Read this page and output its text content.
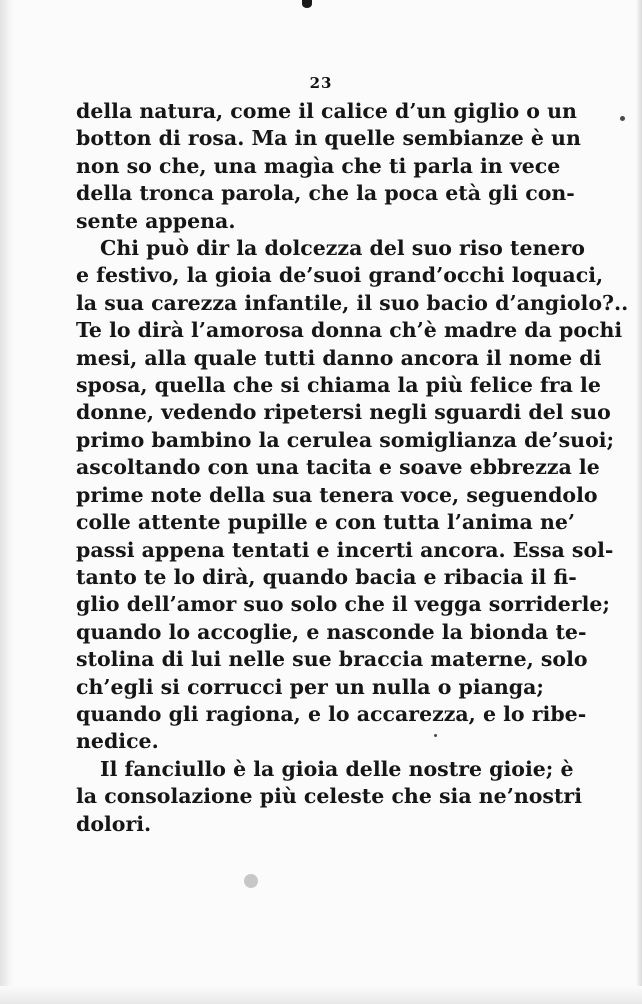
23
della natura, come il calice d’un giglio o un
botton di rosa. Ma in quelle sembianze è un
non so che, una magìa che ti parla in vece
della tronca parola, che la poca età gli con-
sente appena.
Chi può dir la dolcezza del suo riso tenero
e festivo, la gioia de’suoi grand’occhi loquaci,
la sua carezza infantile, il suo bacio d’angiolo?..
Te lo dirà l’amorosa donna ch’è madre da pochi
mesi, alla quale tutti danno ancora il nome di
sposa, quella che si chiama la più felice fra le
donne, vedendo ripetersi negli sguardi del suo
primo bambino la cerulea somiglianza de’suoi;
ascoltando con una tacita e soave ebbrezza le
prime note della sua tenera voce, seguendolo
colle attente pupille e con tutta l’anima ne’
passi appena tentati e incerti ancora. Essa sol-
tanto te lo dirà, quando bacia e ribacia il fi-
glio dell’amor suo solo che il vegga sorriderle;
quando lo accoglie, e nasconde la bionda te-
stolina di lui nelle sue braccia materne, solo
ch’egli si corrucci per un nulla o pianga;
quando gli ragiona, e lo accarezza, e lo ribe-
nedice.
Il fanciullo è la gioia delle nostre gioie; è
la consolazione più celeste che sia ne’nostri
dolori.
